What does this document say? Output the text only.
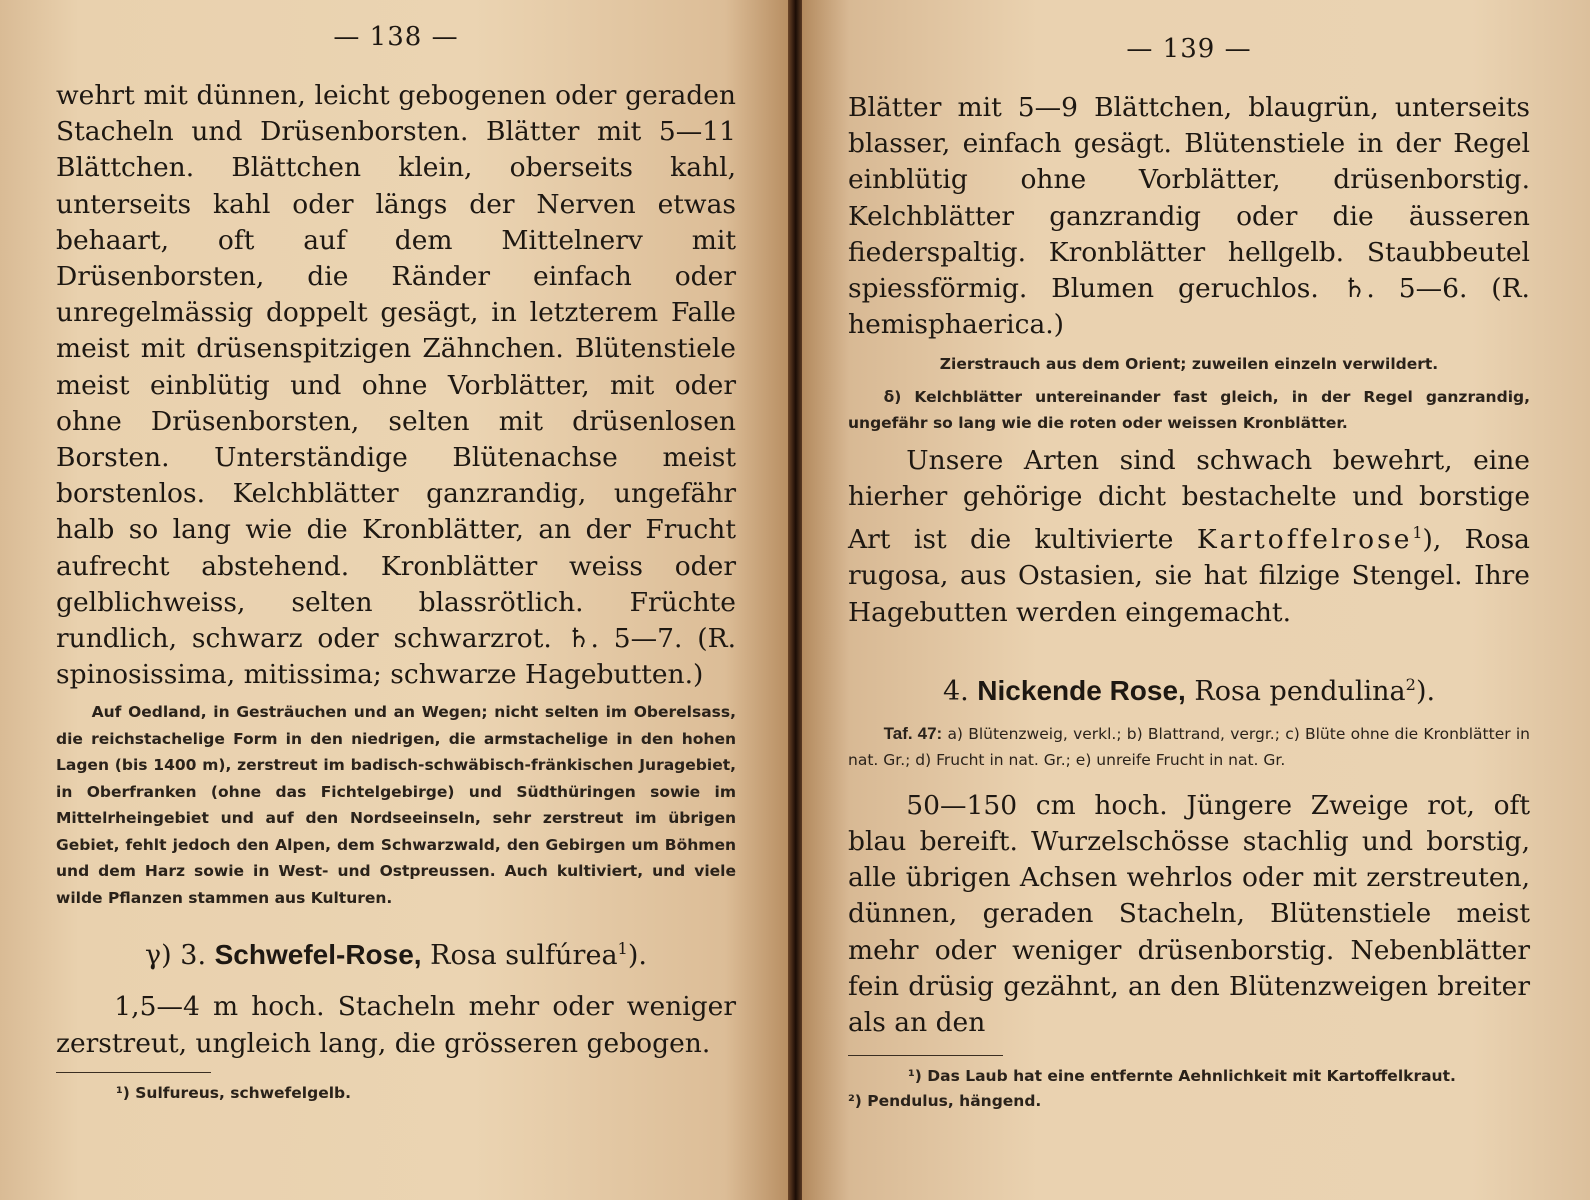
— 138 —

wehrt mit dünnen, leicht gebogenen oder geraden Stacheln und Drüsenborsten. Blätter mit 5—11 Blättchen. Blättchen klein, oberseits kahl, unterseits kahl oder längs der Nerven etwas behaart, oft auf dem Mittelnerv mit Drüsenborsten, die Ränder einfach oder unregelmässig doppelt gesägt, in letzterem Falle meist mit drüsenspitzigen Zähnchen. Blütenstiele meist einblütig und ohne Vorblätter, mit oder ohne Drüsenborsten, selten mit drüsenlosen Borsten. Unterständige Blütenachse meist borstenlos. Kelchblätter ganzrandig, ungefähr halb so lang wie die Kronblätter, an der Frucht aufrecht abstehend. Kronblätter weiss oder gelblichweiss, selten blassrötlich. Früchte rundlich, schwarz oder schwarzrot. ♄. 5—7. (R. spinosissima, mitissima; schwarze Hagebutten.)

Auf Oedland, in Gesträuchen und an Wegen; nicht selten im Oberelsass, die reichstachelige Form in den niedrigen, die armstachelige in den hohen Lagen (bis 1400 m), zerstreut im badisch-schwäbisch-fränkischen Juragebiet, in Oberfranken (ohne das Fichtelgebirge) und Südthüringen sowie im Mittelrheingebiet und auf den Nordseeinseln, sehr zerstreut im übrigen Gebiet, fehlt jedoch den Alpen, dem Schwarzwald, den Gebirgen um Böhmen und dem Harz sowie in West- und Ostpreussen. Auch kultiviert, und viele wilde Pflanzen stammen aus Kulturen.

γ) 3. Schwefel-Rose, Rosa sulfúrea$^1$).

1,5—4 m hoch. Stacheln mehr oder weniger zerstreut, ungleich lang, die grösseren gebogen.

¹) Sulfureus, schwefelgelb.
— 139 —

Blätter mit 5—9 Blättchen, blaugrün, unterseits blasser, einfach gesägt. Blütenstiele in der Regel einblütig ohne Vorblätter, drüsenborstig. Kelchblätter ganzrandig oder die äusseren fiederspaltig. Kronblätter hellgelb. Staubbeutel spiessförmig. Blumen geruchlos. ♄. 5—6. (R. hemisphaerica.)

Zierstrauch aus dem Orient; zuweilen einzeln verwildert.

δ) Kelchblätter untereinander fast gleich, in der Regel ganzrandig, ungefähr so lang wie die roten oder weissen Kronblätter.

Unsere Arten sind schwach bewehrt, eine hierher gehörige dicht bestachelte und borstige Art ist die kultivierte Kartoffelrose$^1$), Rosa rugosa, aus Ostasien, sie hat filzige Stengel. Ihre Hagebutten werden eingemacht.

4. Nickende Rose, Rosa pendulina$^2$).

Taf. 47: a) Blütenzweig, verkl.; b) Blattrand, vergr.; c) Blüte ohne die Kronblätter in nat. Gr.; d) Frucht in nat. Gr.; e) unreife Frucht in nat. Gr.

50—150 cm hoch. Jüngere Zweige rot, oft blau bereift. Wurzelschösse stachlig und borstig, alle übrigen Achsen wehrlos oder mit zerstreuten, dünnen, geraden Stacheln, Blütenstiele meist mehr oder weniger drüsenborstig. Nebenblätter fein drüsig gezähnt, an den Blütenzweigen breiter als an den

¹) Das Laub hat eine entfernte Aehnlichkeit mit Kartoffelkraut.
²) Pendulus, hängend.
